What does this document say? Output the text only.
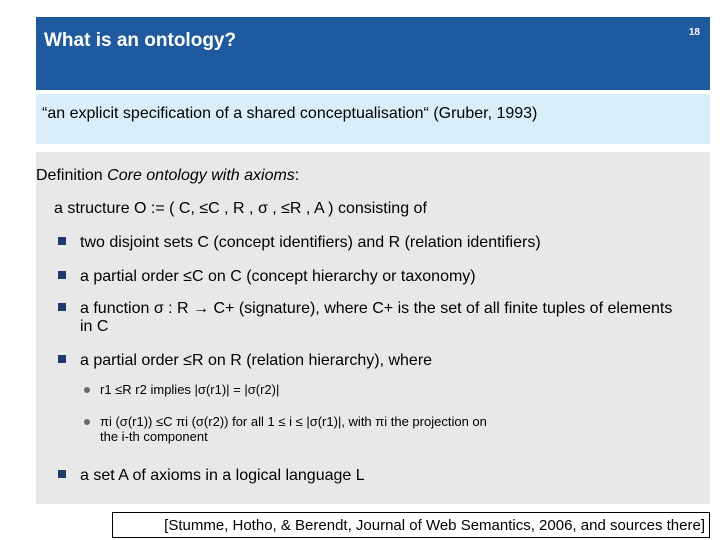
What is an ontology?	18
“an explicit specification of a shared conceptualisation“ (Gruber, 1993)
Definition Core ontology with axioms:
a structure O := ( C, ≤C , R , σ , ≤R , A ) consisting of
two disjoint sets C (concept identifiers) and R (relation identifiers)
a partial order ≤C on C (concept hierarchy or taxonomy)
a function σ : R → C+ (signature), where C+ is the set of all finite tuples of elements in C
a partial order ≤R on R (relation hierarchy), where
r1 ≤R r2 implies |σ(r1)| = |σ(r2)|
πi (σ(r1)) ≤C πi (σ(r2)) for all 1 ≤ i ≤ |σ(r1)|, with πi the projection on the i-th component
a set A of axioms in a logical language L
[Stumme, Hotho, & Berendt, Journal of Web Semantics, 2006, and sources there]
